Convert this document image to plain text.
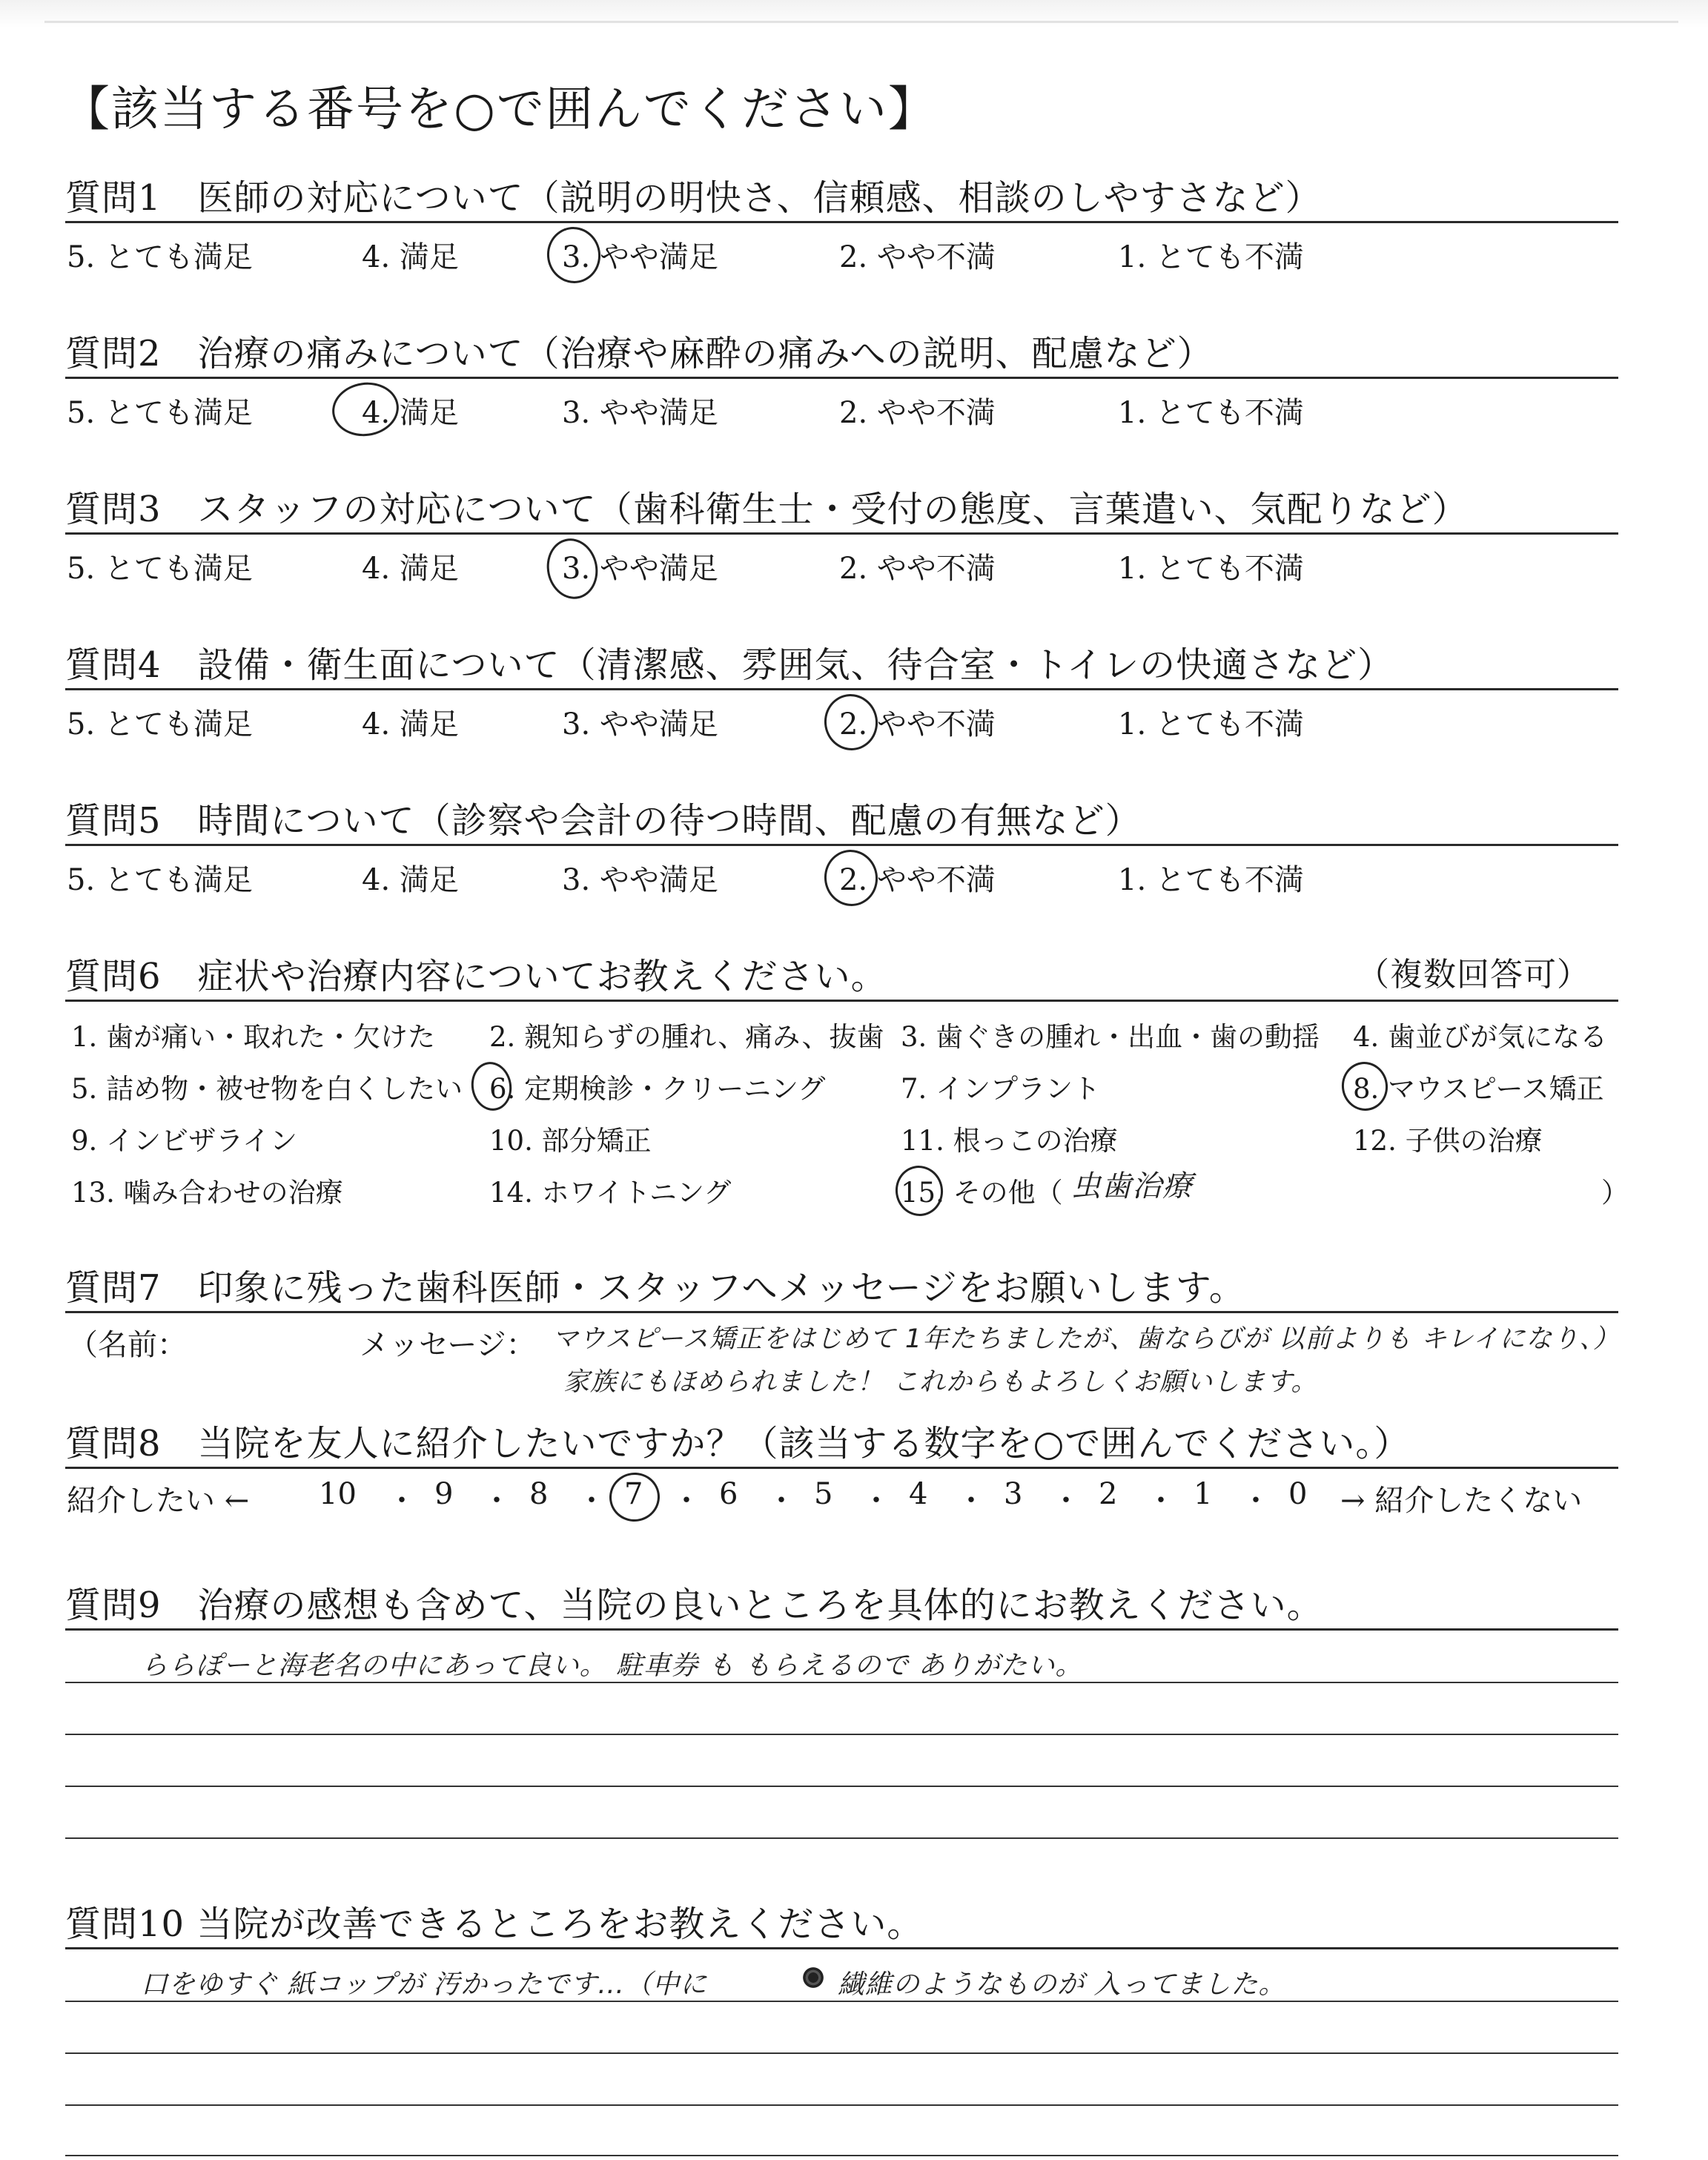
【該当する番号を○で囲んでください】
質問1　医師の対応について（説明の明快さ、信頼感、相談のしやすさなど）
5. とても満足	4. 満足	3. やや満足	2. やや不満	1. とても不満
質問2　治療の痛みについて（治療や麻酔の痛みへの説明、配慮など）
5. とても満足	4. 満足	3. やや満足	2. やや不満	1. とても不満
質問3　スタッフの対応について（歯科衛生士・受付の態度、言葉遣い、気配りなど）
5. とても満足	4. 満足	3. やや満足	2. やや不満	1. とても不満
質問4　設備・衛生面について（清潔感、雰囲気、待合室・トイレの快適さなど）
5. とても満足	4. 満足	3. やや満足	2. やや不満	1. とても不満
質問5　時間について（診察や会計の待つ時間、配慮の有無など）
5. とても満足	4. 満足	3. やや満足	2. やや不満	1. とても不満
質問6　症状や治療内容についてお教えください。	（複数回答可）
1. 歯が痛い・取れた・欠けた 2. 親知らずの腫れ、痛み、抜歯 3. 歯ぐきの腫れ・出血・歯の動揺 4. 歯並びが気になる
5. 詰め物・被せ物を白くしたい 6. 定期検診・クリーニング	7. インプラント	8. マウスピース矯正
9. インビザライン	10. 部分矯正	11. 根っこの治療	12. 子供の治療
13. 噛み合わせの治療	14. ホワイトニング	15. その他（ 虫歯治療	）
質問7　印象に残った歯科医師・スタッフへメッセージをお願いします。
（名前：	メッセージ： マウスピース矯正をはじめて 1年たちましたが、歯ならびが 以前よりも キレイになり、）
家族にもほめられました！ これからもよろしくお願いします。
質問8　当院を友人に紹介したいですか？（該当する数字を○で囲んでください。）
紹介したい ← 10 ・ 9 ・ 8 ・ 7 ・ 6 ・ 5 ・ 4 ・ 3 ・ 2 ・ 1 ・ 0 → 紹介したくない
質問9　治療の感想も含めて、当院の良いところを具体的にお教えください。
ららぽーと海老名の中にあって良い。 駐車券 も もらえるので ありがたい。
質問10 当院が改善できるところをお教えください。
口をゆすぐ 紙コップが 汚かったです…（中に	繊維のようなものが 入ってました。
